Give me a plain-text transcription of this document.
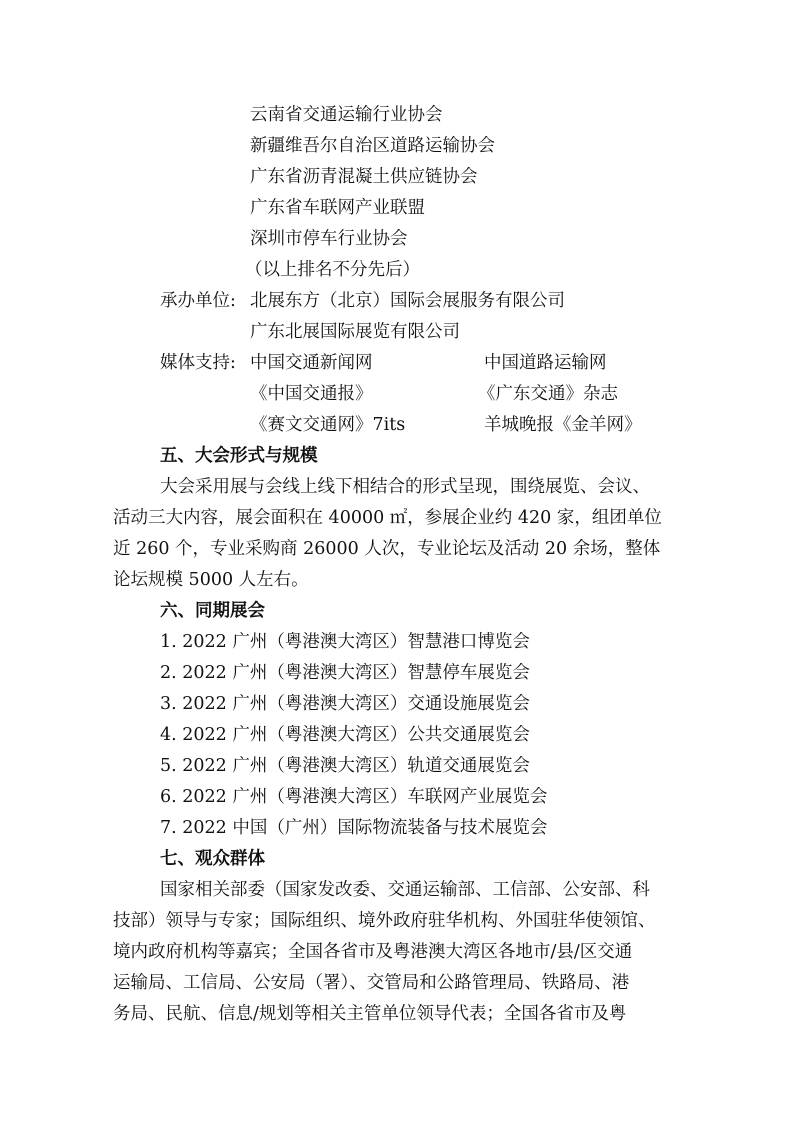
云南省交通运输行业协会
新疆维吾尔自治区道路运输协会
广东省沥青混凝土供应链协会
广东省车联网产业联盟
深圳市停车行业协会
（以上排名不分先后）
承办单位: 北展东方（北京）国际会展服务有限公司
广东北展国际展览有限公司
媒体支持: 中国交通新闻网	中国道路运输网
《中国交通报》	《广东交通》杂志
《赛文交通网》7its	羊城晚报《金羊网》
五、大会形式与规模
大会采用展与会线上线下相结合的形式呈现，围绕展览、会议、
活动三大内容，展会面积在 40000 ㎡，参展企业约 420 家，组团单位
近 260 个，专业采购商 26000 人次，专业论坛及活动 20 余场，整体
论坛规模 5000 人左右。
六、同期展会
1. 2022 广州（粤港澳大湾区）智慧港口博览会
2. 2022 广州（粤港澳大湾区）智慧停车展览会
3. 2022 广州（粤港澳大湾区）交通设施展览会
4. 2022 广州（粤港澳大湾区）公共交通展览会
5. 2022 广州（粤港澳大湾区）轨道交通展览会
6. 2022 广州（粤港澳大湾区）车联网产业展览会
7. 2022 中国（广州）国际物流装备与技术展览会
七、观众群体
国家相关部委（国家发改委、交通运输部、工信部、公安部、科
技部）领导与专家；国际组织、境外政府驻华机构、外国驻华使领馆、
境内政府机构等嘉宾；全国各省市及粤港澳大湾区各地市/县/区交通
运输局、工信局、公安局（署）、交管局和公路管理局、铁路局、港
务局、民航、信息/规划等相关主管单位领导代表；全国各省市及粤
